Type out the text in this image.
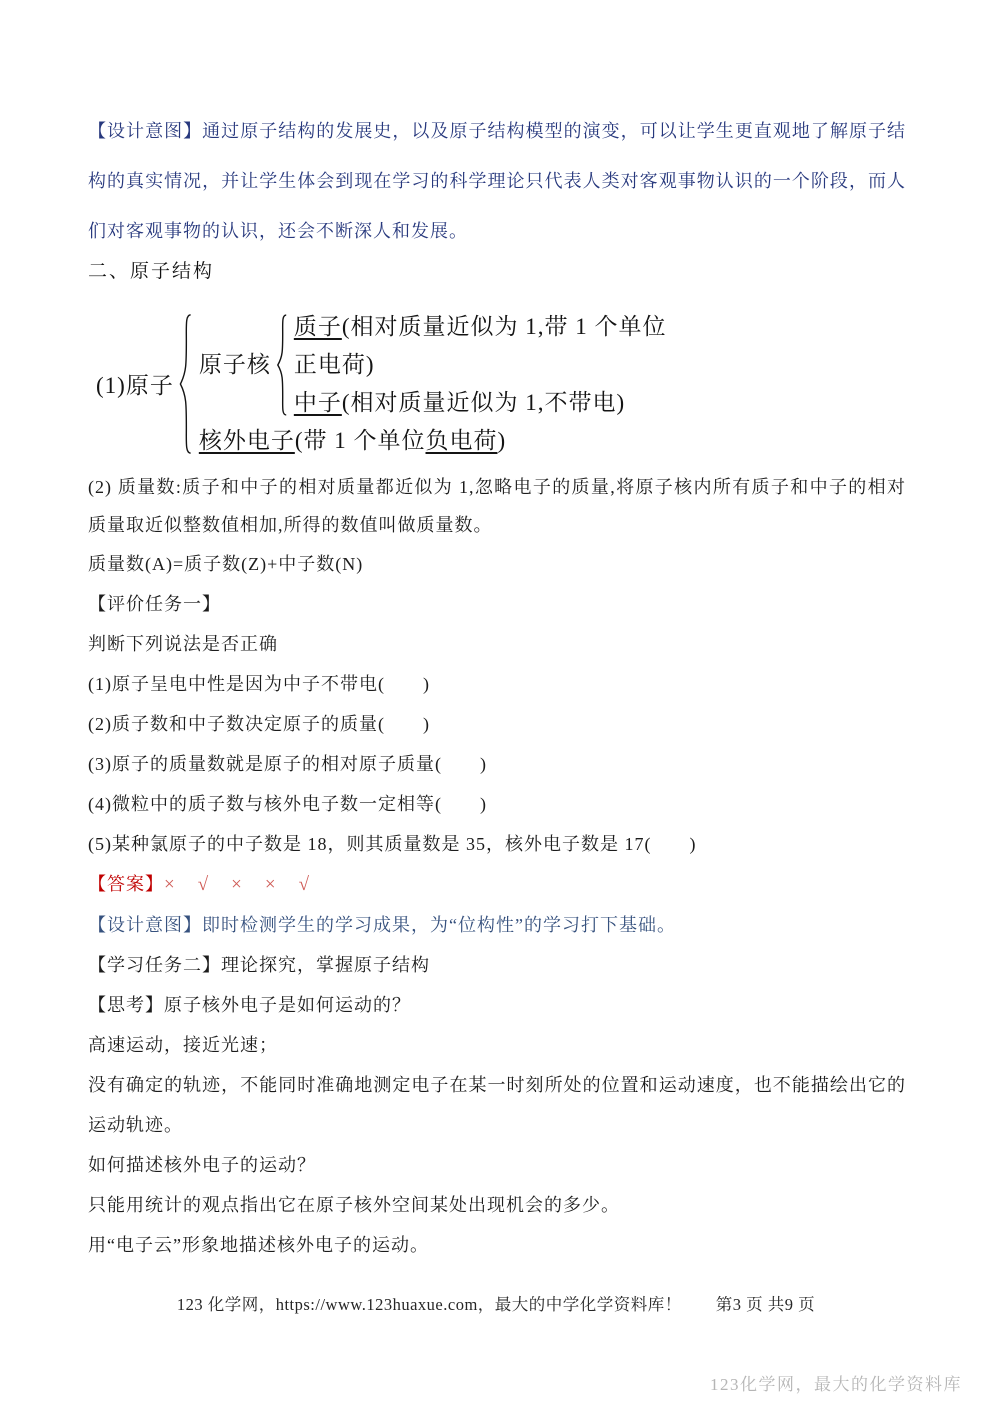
【设计意图】通过原子结构的发展史，以及原子结构模型的演变，可以让学生更直观地了解原子结构的真实情况，并让学生体会到现在学习的科学理论只代表人类对客观事物认识的一个阶段，而人们对客观事物的认识，还会不断深人和发展。

二、原子结构
(1)原子
原子核

质子(相对质量近似为 1,带 1 个单位

正电荷)

中子(相对质量近似为 1,不带电)

核外电子(带 1 个单位负电荷)

(2) 质量数:质子和中子的相对质量都近似为 1,忽略电子的质量,将原子核内所有质子和中子的相对质量取近似整数值相加,所得的数值叫做质量数。

质量数(A)=质子数(Z)+中子数(N)

【评价任务一】

判断下列说法是否正确

(1)原子呈电中性是因为中子不带电(　　)

(2)质子数和中子数决定原子的质量(　　)

(3)原子的质量数就是原子的相对原子质量(　　)

(4)微粒中的质子数与核外电子数一定相等(　　)

(5)某种氯原子的中子数是 18，则其质量数是 35，核外电子数是 17(　　)

【答案】× √ × × √

【设计意图】即时检测学生的学习成果，为“位构性”的学习打下基础。

【学习任务二】理论探究，掌握原子结构

【思考】原子核外电子是如何运动的？

高速运动，接近光速；

没有确定的轨迹，不能同时准确地测定电子在某一时刻所处的位置和运动速度，也不能描绘出它的运动轨迹。

如何描述核外电子的运动？

只能用统计的观点指出它在原子核外空间某处出现机会的多少。

用“电子云”形象地描述核外电子的运动。

123 化学网，https://www.123huaxue.com，最大的中学化学资料库！ 第3 页 共9 页
123化学网，最大的化学资料库
